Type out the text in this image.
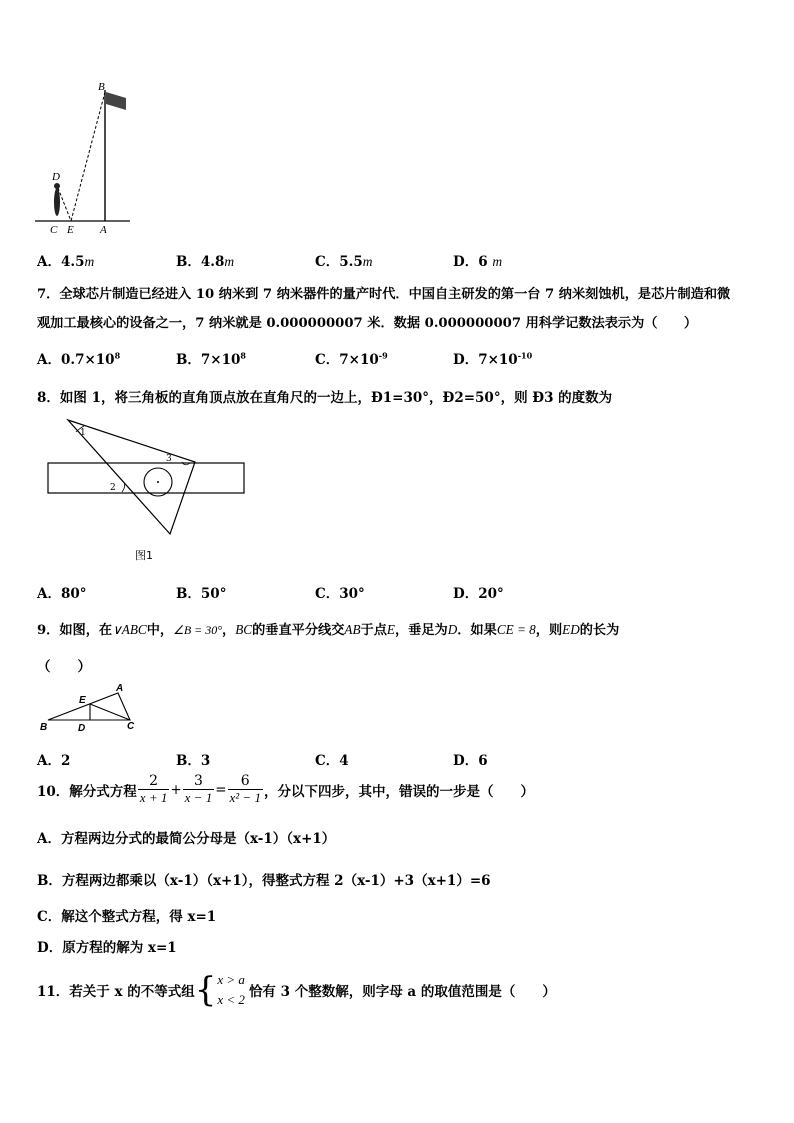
B
D
C E A
A．4.5m	B．4.8m	C．5.5m	D．6 m
7．全球芯片制造已经进入 10 纳米到 7 纳米器件的量产时代．中国自主研发的第一台 7 纳米刻蚀机，是芯片制造和微
观加工最核心的设备之一，7 纳米就是 0.000000007 米．数据 0.000000007 用科学记数法表示为（　　）
A．$0.7\times 10^8$	B．$7\times 10^8$	C．$7\times 10^{-9}$	D．$7\times 10^{-10}$
8．如图 1，将三角板的直角顶点放在直角尺的一边上，Ð1=30°，Ð2=50°，则 Ð3 的度数为
1
2
3
图1
A．80°	B．50°	C．30°	D．20°
9．如图，在∨ABC中，∠B = 30°，BC的垂直平分线交AB于点E，垂足为D．如果CE = 8，则ED的长为
（　　）
A
E
B	D	C
A．2	B．3	C．4	D．6
10．解分式方程 $\frac{2}{x + 1} + \frac{3}{x - 1} = \frac{6}{\text{x² − 1}}$ ，分以下四步，其中，错误的一步是（　　）
A．方程两边分式的最简公分母是（x-1）（x+1）
B．方程两边都乘以（x-1）（x+1），得整式方程 2（x-1）+3（x+1）=6
C．解这个整式方程，得 x=1
D．原方程的解为 x=1
11．若关于 x 的不等式组 { x > a
x < 2 恰有 3 个整数解，则字母 a 的取值范围是（　　）
